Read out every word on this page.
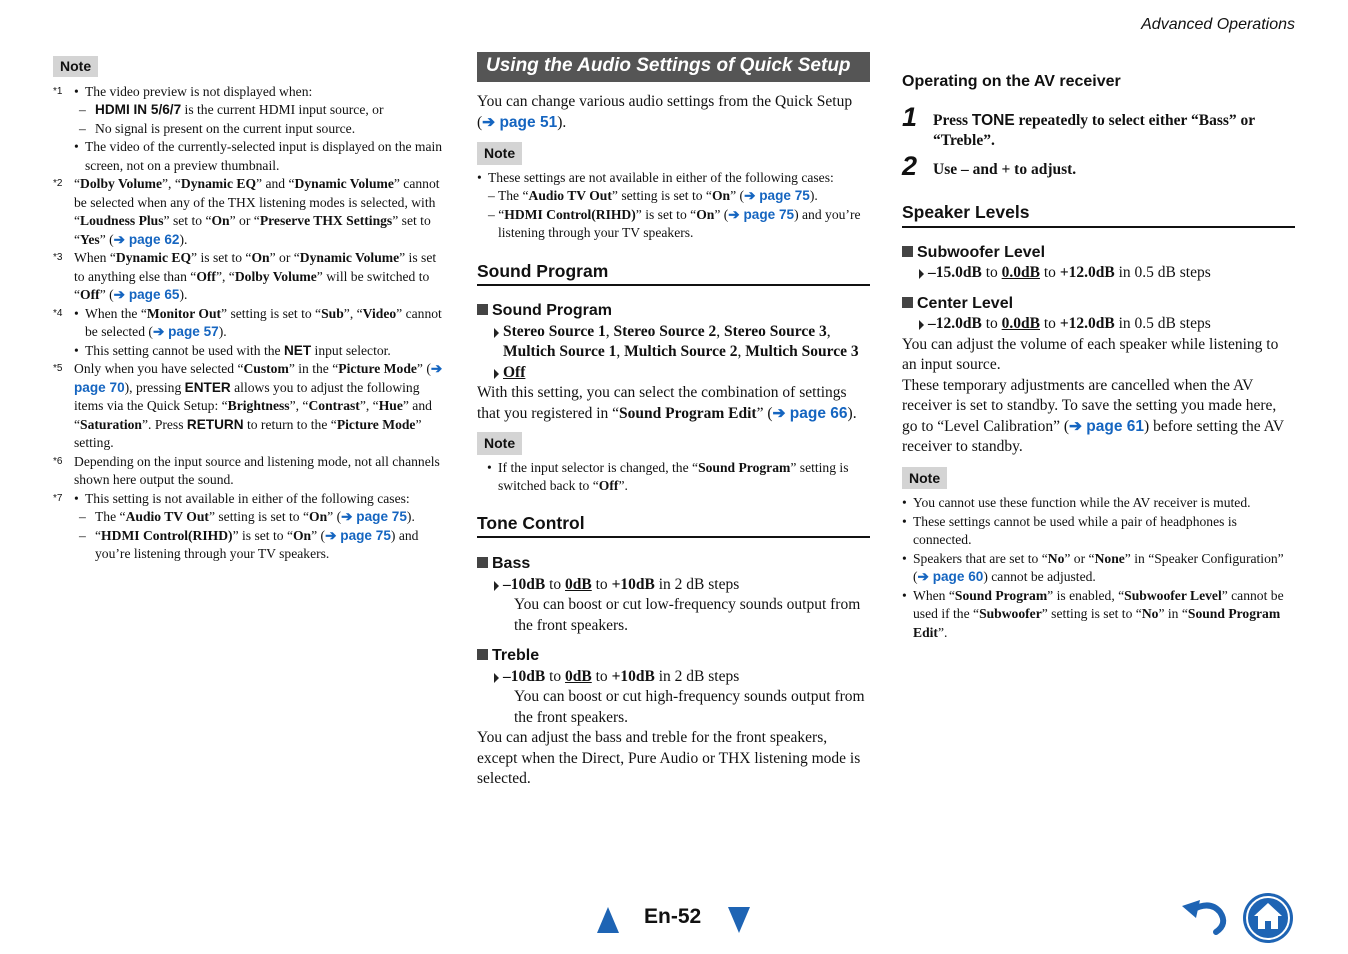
Advanced Operations
Note
*1	• The video preview is not displayed when:
– HDMI IN 5/6/7 is the current HDMI input source, or
– No signal is present on the current input source.
• The video of the currently-selected input is displayed on the main screen, not on a preview thumbnail.
*2 “Dolby Volume”, “Dynamic EQ” and “Dynamic Volume” cannot be selected when any of the THX listening modes is selected, with “Loudness Plus” set to “On” or “Preserve THX Settings” set to “Yes” (➔ page 62).
*3 When “Dynamic EQ” is set to “On” or “Dynamic Volume” is set to anything else than “Off”, “Dolby Volume” will be switched to “Off” (➔ page 65).
*4	• When the “Monitor Out” setting is set to “Sub”, “Video” cannot be selected (➔ page 57).
• This setting cannot be used with the NET input selector.
*5 Only when you have selected “Custom” in the “Picture Mode” (➔ page 70), pressing ENTER allows you to adjust the following items via the Quick Setup: “Brightness”, “Contrast”, “Hue” and “Saturation”. Press RETURN to return to the “Picture Mode” setting.
*6 Depending on the input source and listening mode, not all channels shown here output the sound.
*7	• This setting is not available in either of the following cases:
– The “Audio TV Out” setting is set to “On” (➔ page 75).
– “HDMI Control(RIHD)” is set to “On” (➔ page 75) and you’re listening through your TV speakers.
Using the Audio Settings of Quick Setup
You can change various audio settings from the Quick Setup (➔ page 51).
Note
• These settings are not available in either of the following cases:
– The “Audio TV Out” setting is set to “On” (➔ page 75).
– “HDMI Control(RIHD)” is set to “On” (➔ page 75) and you’re listening through your TV speakers.
Sound Program
Sound Program
Stereo Source 1, Stereo Source 2, Stereo Source 3, Multich Source 1, Multich Source 2, Multich Source 3
Off
With this setting, you can select the combination of settings that you registered in “Sound Program Edit” (➔ page 66).
Note
• If the input selector is changed, the “Sound Program” setting is switched back to “Off”.
Tone Control
Bass
–10dB to 0dB to +10dB in 2 dB steps
You can boost or cut low-frequency sounds output from the front speakers.
Treble
–10dB to 0dB to +10dB in 2 dB steps
You can boost or cut high-frequency sounds output from the front speakers.
You can adjust the bass and treble for the front speakers, except when the Direct, Pure Audio or THX listening mode is selected.
Operating on the AV receiver
1 Press TONE repeatedly to select either “Bass” or “Treble”.
2 Use – and + to adjust.
Speaker Levels
Subwoofer Level
–15.0dB to 0.0dB to +12.0dB in 0.5 dB steps
Center Level
–12.0dB to 0.0dB to +12.0dB in 0.5 dB steps
You can adjust the volume of each speaker while listening to an input source.
These temporary adjustments are cancelled when the AV receiver is set to standby. To save the setting you made here, go to “Level Calibration” (➔ page 61) before setting the AV receiver to standby.
Note
• You cannot use these function while the AV receiver is muted.
• These settings cannot be used while a pair of headphones is connected.
• Speakers that are set to “No” or “None” in “Speaker Configuration” (➔ page 60) cannot be adjusted.
• When “Sound Program” is enabled, “Subwoofer Level” cannot be used if the “Subwoofer” setting is set to “No” in “Sound Program Edit”.
En-52
